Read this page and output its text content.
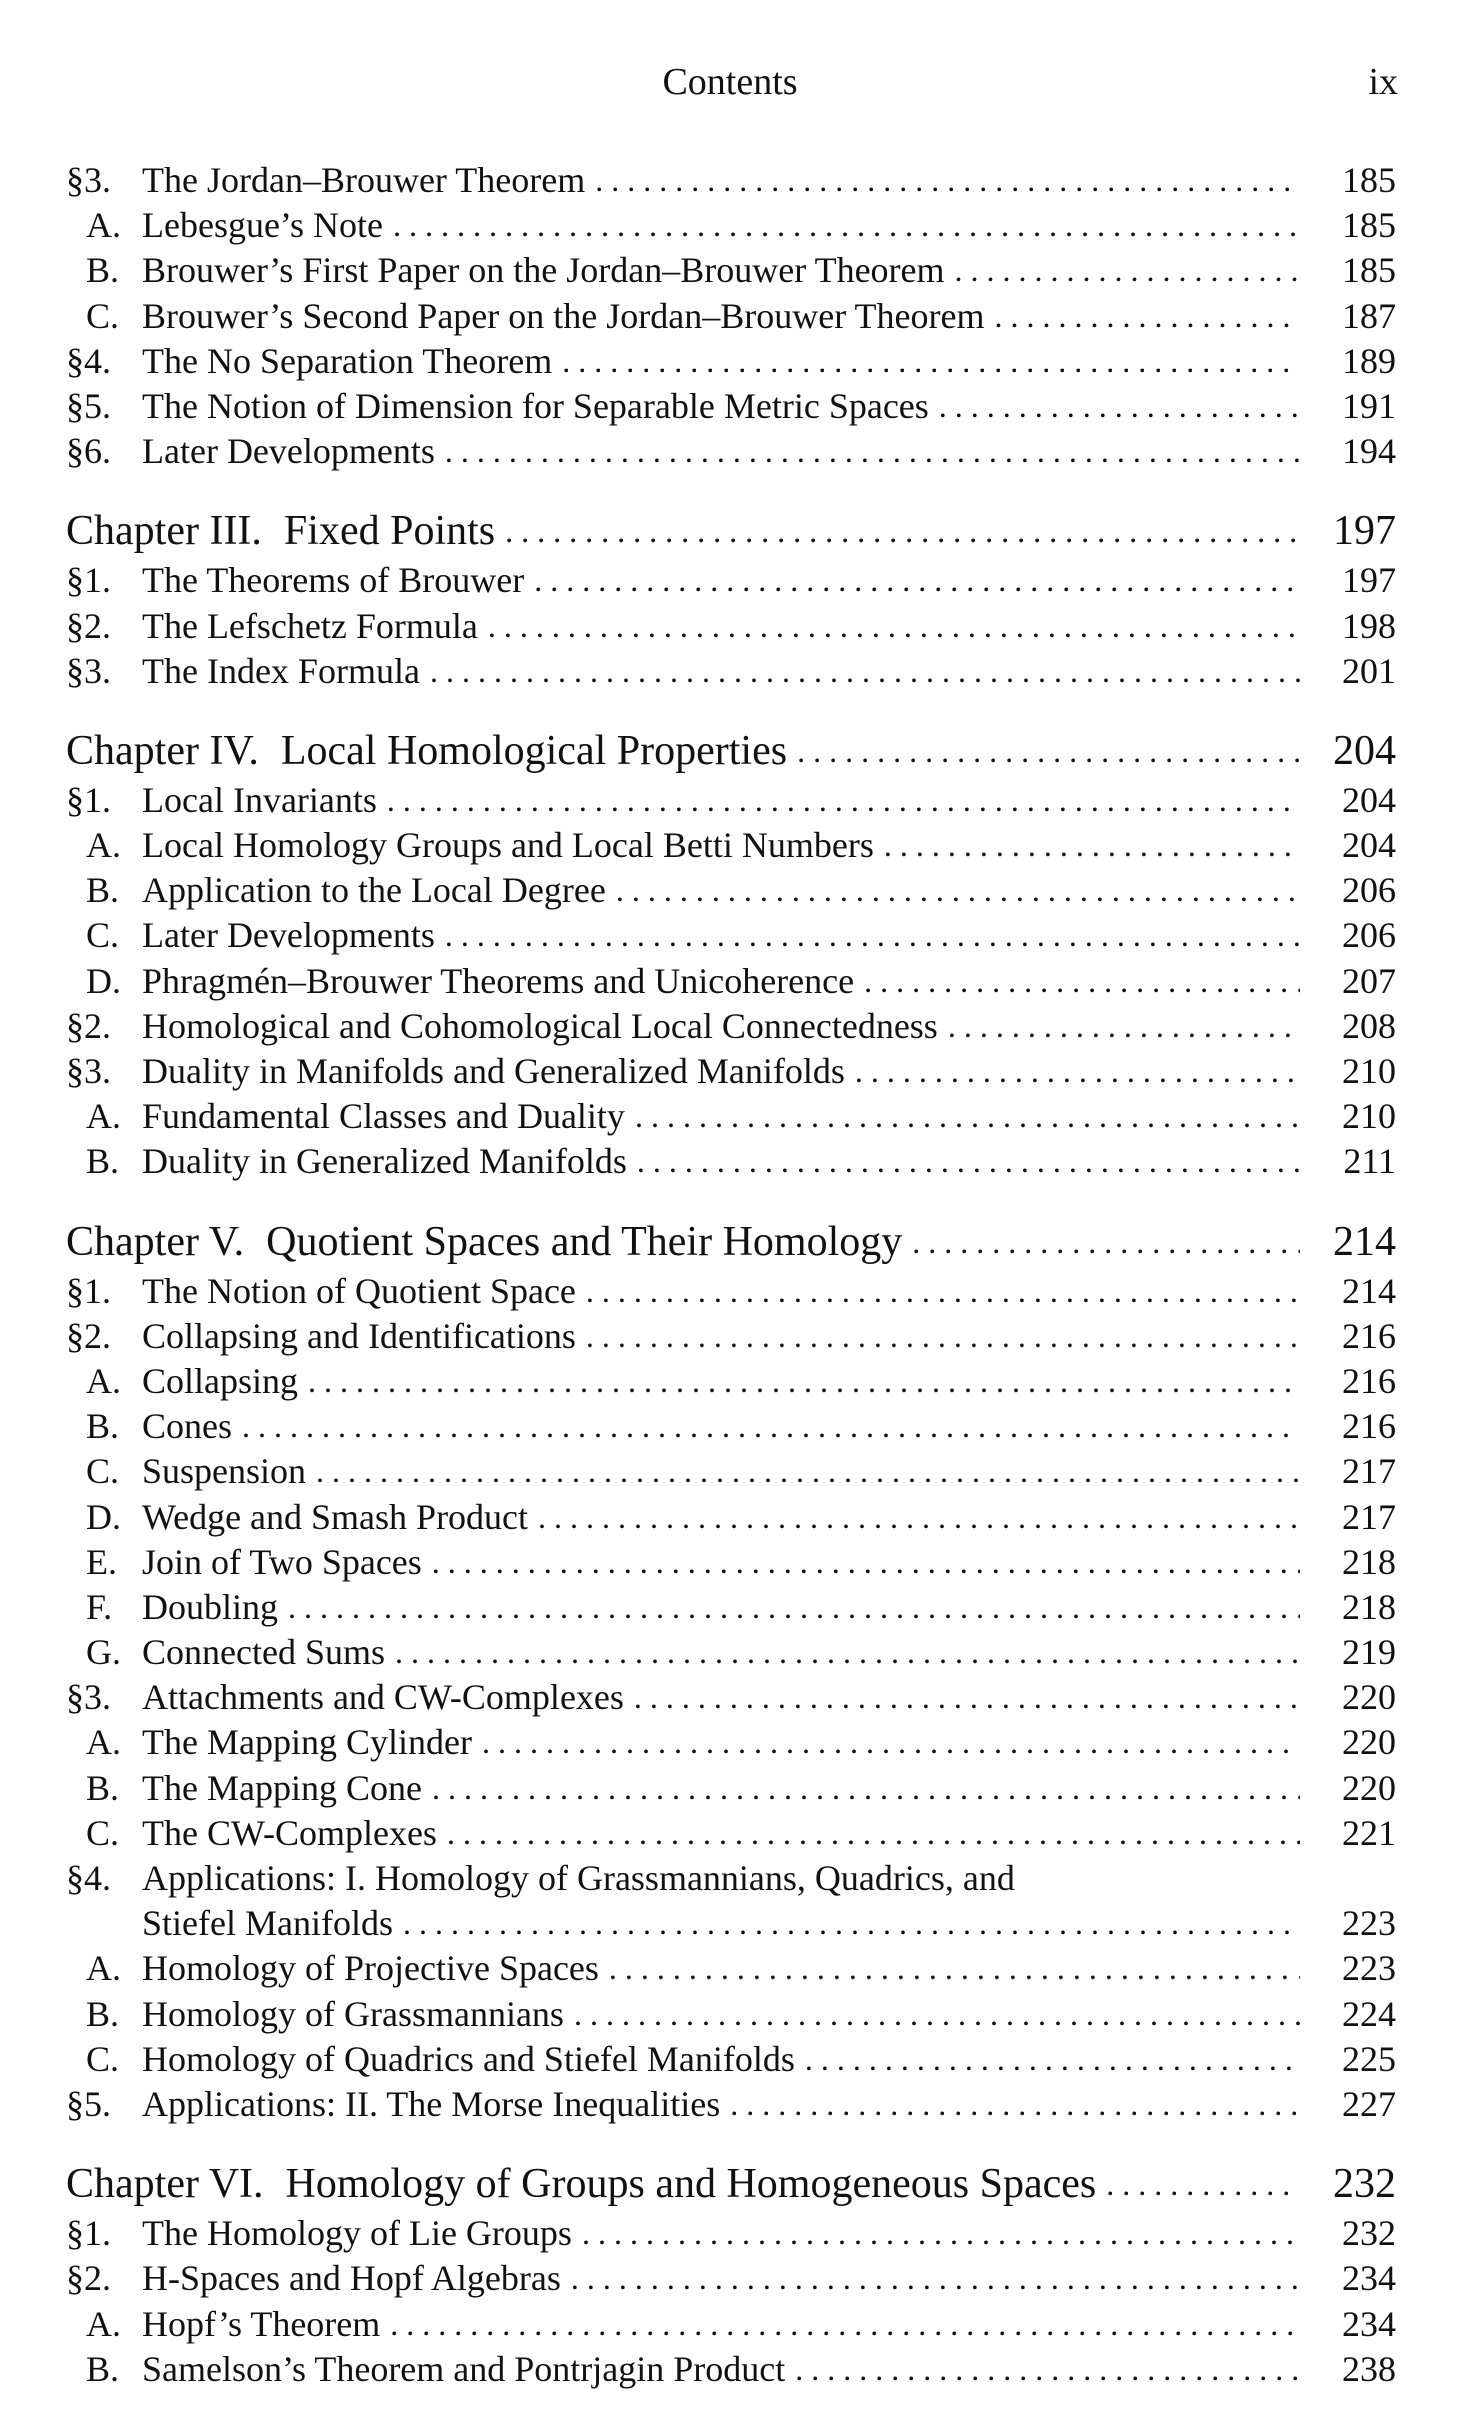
Contents	ix
§3. The Jordan–Brouwer Theorem . . .	185
A. Lebesgue’s Note . . .	185
B. Brouwer’s First Paper on the Jordan–Brouwer Theorem . . .	185
C. Brouwer’s Second Paper on the Jordan–Brouwer Theorem . . .	187
§4. The No Separation Theorem . . .	189
§5. The Notion of Dimension for Separable Metric Spaces . . .	191
§6. Later Developments . . .	194
Chapter III. Fixed Points . . .	197
§1. The Theorems of Brouwer . . .	197
§2. The Lefschetz Formula . . .	198
§3. The Index Formula . . .	201
Chapter IV. Local Homological Properties . . .	204
§1. Local Invariants . . .	204
A. Local Homology Groups and Local Betti Numbers . . .	204
B. Application to the Local Degree . . .	206
C. Later Developments . . .	206
D. Phragmén–Brouwer Theorems and Unicoherence . . .	207
§2. Homological and Cohomological Local Connectedness . . .	208
§3. Duality in Manifolds and Generalized Manifolds . . .	210
A. Fundamental Classes and Duality . . .	210
B. Duality in Generalized Manifolds . . .	211
Chapter V. Quotient Spaces and Their Homology . . .	214
§1. The Notion of Quotient Space . . .	214
§2. Collapsing and Identifications . . .	216
A. Collapsing . . .	216
B. Cones . . .	216
C. Suspension . . .	217
D. Wedge and Smash Product . . .	217
E. Join of Two Spaces . . .	218
F. Doubling . . .	218
G. Connected Sums . . .	219
§3. Attachments and CW-Complexes . . .	220
A. The Mapping Cylinder . . .	220
B. The Mapping Cone . . .	220
C. The CW-Complexes . . .	221
§4. Applications: I. Homology of Grassmannians, Quadrics, and
Stiefel Manifolds . . .	223
A. Homology of Projective Spaces . . .	223
B. Homology of Grassmannians . . .	224
C. Homology of Quadrics and Stiefel Manifolds . . .	225
§5. Applications: II. The Morse Inequalities . . .	227
Chapter VI. Homology of Groups and Homogeneous Spaces . . .	232
§1. The Homology of Lie Groups . . .	232
§2. H-Spaces and Hopf Algebras . . .	234
A. Hopf’s Theorem . . .	234
B. Samelson’s Theorem and Pontrjagin Product . . .	238
